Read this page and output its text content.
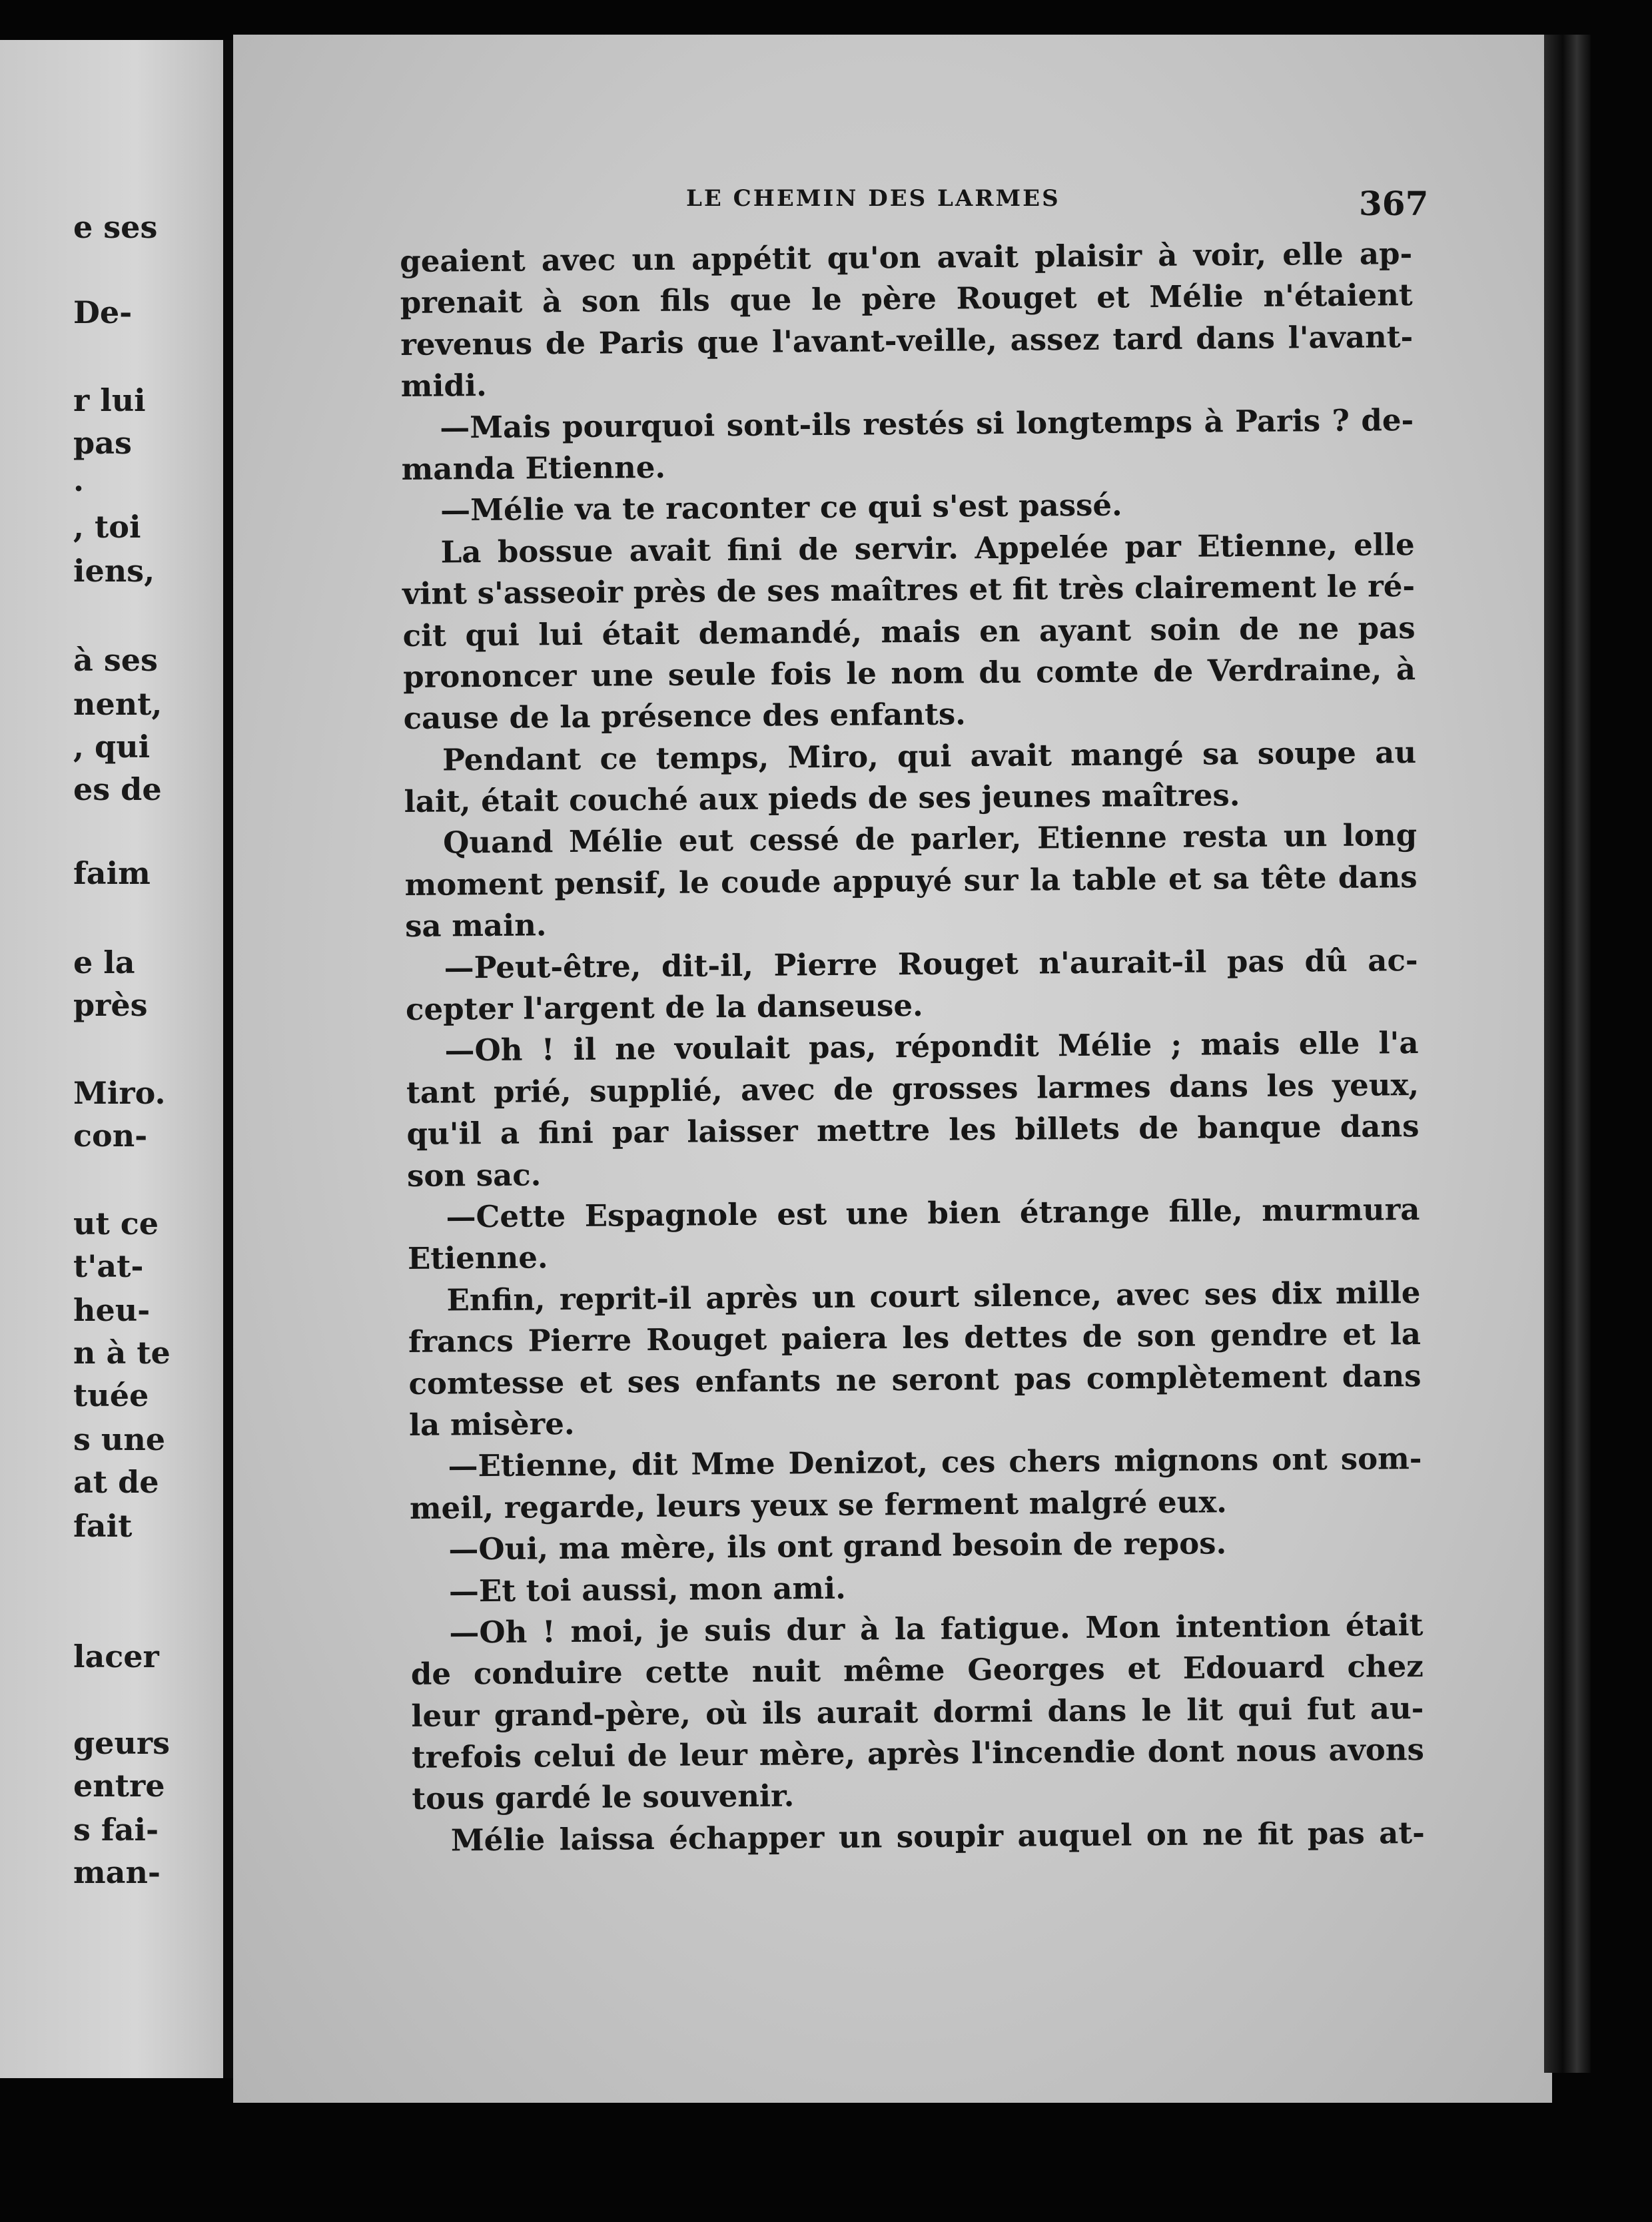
e ses
De-
r lui
pas
.
, toi
iens,
à ses
nent,
, qui
es de
faim
e la
près
Miro.
con-
ut ce
t'at-
heu-
n à te
tuée
s une
at de
fait
lacer
geurs
entre
s fai-
man-
LE CHEMIN DES LARMES	367
geaient avec un appétit qu'on avait plaisir à voir, elle ap-
prenait à son fils que le père Rouget et Mélie n'étaient
revenus de Paris que l'avant-veille, assez tard dans l'avant-
midi.
—Mais pourquoi sont-ils restés si longtemps à Paris ? de-
manda Etienne.
—Mélie va te raconter ce qui s'est passé.
La bossue avait fini de servir. Appelée par Etienne, elle
vint s'asseoir près de ses maîtres et fit très clairement le ré-
cit qui lui était demandé, mais en ayant soin de ne pas
prononcer une seule fois le nom du comte de Verdraine, à
cause de la présence des enfants.
Pendant ce temps, Miro, qui avait mangé sa soupe au
lait, était couché aux pieds de ses jeunes maîtres.
Quand Mélie eut cessé de parler, Etienne resta un long
moment pensif, le coude appuyé sur la table et sa tête dans
sa main.
—Peut-être, dit-il, Pierre Rouget n'aurait-il pas dû ac-
cepter l'argent de la danseuse.
—Oh ! il ne voulait pas, répondit Mélie ; mais elle l'a
tant prié, supplié, avec de grosses larmes dans les yeux,
qu'il a fini par laisser mettre les billets de banque dans
son sac.
—Cette Espagnole est une bien étrange fille, murmura
Etienne.
Enfin, reprit-il après un court silence, avec ses dix mille
francs Pierre Rouget paiera les dettes de son gendre et la
comtesse et ses enfants ne seront pas complètement dans
la misère.
—Etienne, dit Mme Denizot, ces chers mignons ont som-
meil, regarde, leurs yeux se ferment malgré eux.
—Oui, ma mère, ils ont grand besoin de repos.
—Et toi aussi, mon ami.
—Oh ! moi, je suis dur à la fatigue. Mon intention était
de conduire cette nuit même Georges et Edouard chez
leur grand-père, où ils aurait dormi dans le lit qui fut au-
trefois celui de leur mère, après l'incendie dont nous avons
tous gardé le souvenir.
Mélie laissa échapper un soupir auquel on ne fit pas at-
